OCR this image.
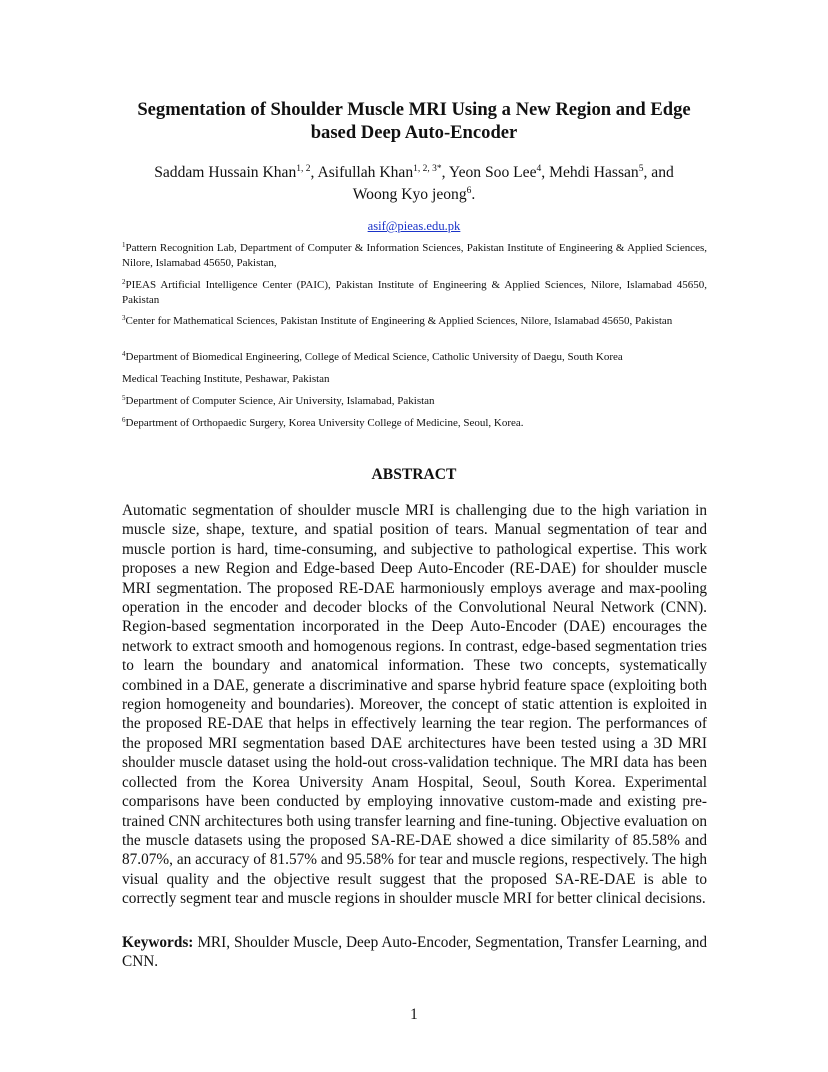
Segmentation of Shoulder Muscle MRI Using a New Region and Edge
based Deep Auto-Encoder
Saddam Hussain Khan$^{1, 2}$, Asifullah Khan$^{1, 2, 3*}$, Yeon Soo Lee$^4$, Mehdi Hassan$^5$, and
Woong Kyo jeong$^6$.
asif@pieas.edu.pk
$^1$Pattern Recognition Lab, Department of Computer & Information Sciences, Pakistan Institute of Engineering & Applied Sciences, Nilore, Islamabad 45650, Pakistan,
$^2$PIEAS Artificial Intelligence Center (PAIC), Pakistan Institute of Engineering & Applied Sciences, Nilore, Islamabad 45650, Pakistan
$^3$Center for Mathematical Sciences, Pakistan Institute of Engineering & Applied Sciences, Nilore, Islamabad 45650, Pakistan
$^4$Department of Biomedical Engineering, College of Medical Science, Catholic University of Daegu, South Korea
Medical Teaching Institute, Peshawar, Pakistan
$^5$Department of Computer Science, Air University, Islamabad, Pakistan
$^6$Department of Orthopaedic Surgery, Korea University College of Medicine, Seoul, Korea.
ABSTRACT

Automatic segmentation of shoulder muscle MRI is challenging due to the high variation in muscle size, shape, texture, and spatial position of tears. Manual segmentation of tear and muscle portion is hard, time-consuming, and subjective to pathological expertise. This work proposes a new Region and Edge-based Deep Auto-Encoder (RE-DAE) for shoulder muscle MRI segmentation. The proposed RE-DAE harmoniously employs average and max-pooling operation in the encoder and decoder blocks of the Convolutional Neural Network (CNN). Region-based segmentation incorporated in the Deep Auto-Encoder (DAE) encourages the network to extract smooth and homogenous regions. In contrast, edge-based segmentation tries to learn the boundary and anatomical information. These two concepts, systematically combined in a DAE, generate a discriminative and sparse hybrid feature space (exploiting both region homogeneity and boundaries). Moreover, the concept of static attention is exploited in the proposed RE-DAE that helps in effectively learning the tear region. The performances of the proposed MRI segmentation based DAE architectures have been tested using a 3D MRI shoulder muscle dataset using the hold-out cross-validation technique. The MRI data has been collected from the Korea University Anam Hospital, Seoul, South Korea. Experimental comparisons have been conducted by employing innovative custom-made and existing pre-trained CNN architectures both using transfer learning and fine-tuning. Objective evaluation on the muscle datasets using the proposed SA-RE-DAE showed a dice similarity of 85.58% and 87.07%, an accuracy of 81.57% and 95.58% for tear and muscle regions, respectively. The high visual quality and the objective result suggest that the proposed SA-RE-DAE is able to correctly segment tear and muscle regions in shoulder muscle MRI for better clinical decisions.

Keywords: MRI, Shoulder Muscle, Deep Auto-Encoder, Segmentation, Transfer Learning, and CNN.

1
